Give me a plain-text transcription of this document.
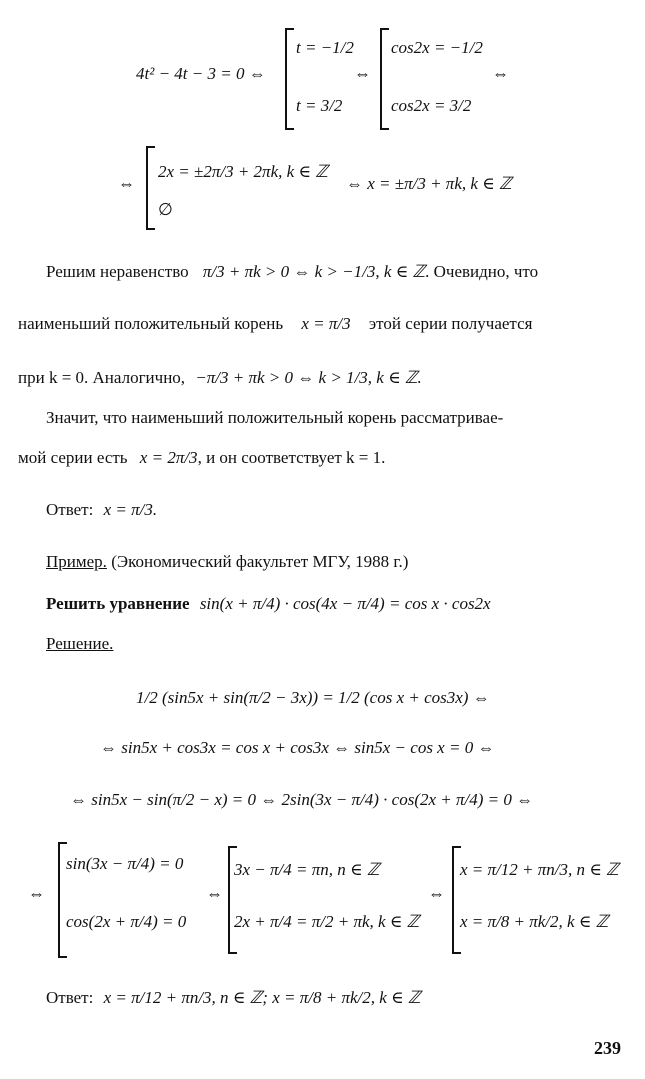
4t² − 4t − 3 = 0 ⇔
t = −1/2
t = 3/2
⇔
cos2x = −1/2
cos2x = 3/2
⇔
⇔
2x = ±2π/3 + 2πk, k ∈ ℤ
∅
⇔ x = ±π/3 + πk, k ∈ ℤ
Решим неравенство π/3 + πk > 0 ⇔ k > −1/3, k ∈ ℤ. Очевидно, что
наименьший положительный корень x = π/3 этой серии получается
при k = 0. Аналогично, −π/3 + πk > 0 ⇔ k > 1/3, k ∈ ℤ.
Значит, что наименьший положительный корень рассматривае-
мой серии есть x = 2π/3, и он соответствует k = 1.
Ответ: x = π/3.
Пример. (Экономический факультет МГУ, 1988 г.)
Решить уравнение sin(x + π/4) · cos(4x − π/4) = cos x · cos2x
Решение.
1/2 (sin5x + sin(π/2 − 3x)) = 1/2 (cos x + cos3x) ⇔
⇔ sin5x + cos3x = cos x + cos3x ⇔ sin5x − cos x = 0 ⇔
⇔ sin5x − sin(π/2 − x) = 0 ⇔ 2sin(3x − π/4) · cos(2x + π/4) = 0 ⇔
⇔
sin(3x − π/4) = 0
cos(2x + π/4) = 0
⇔
3x − π/4 = πn, n ∈ ℤ
2x + π/4 = π/2 + πk, k ∈ ℤ
⇔
x = π/12 + πn/3, n ∈ ℤ
x = π/8 + πk/2, k ∈ ℤ
Ответ: x = π/12 + πn/3, n ∈ ℤ; x = π/8 + πk/2, k ∈ ℤ
239
